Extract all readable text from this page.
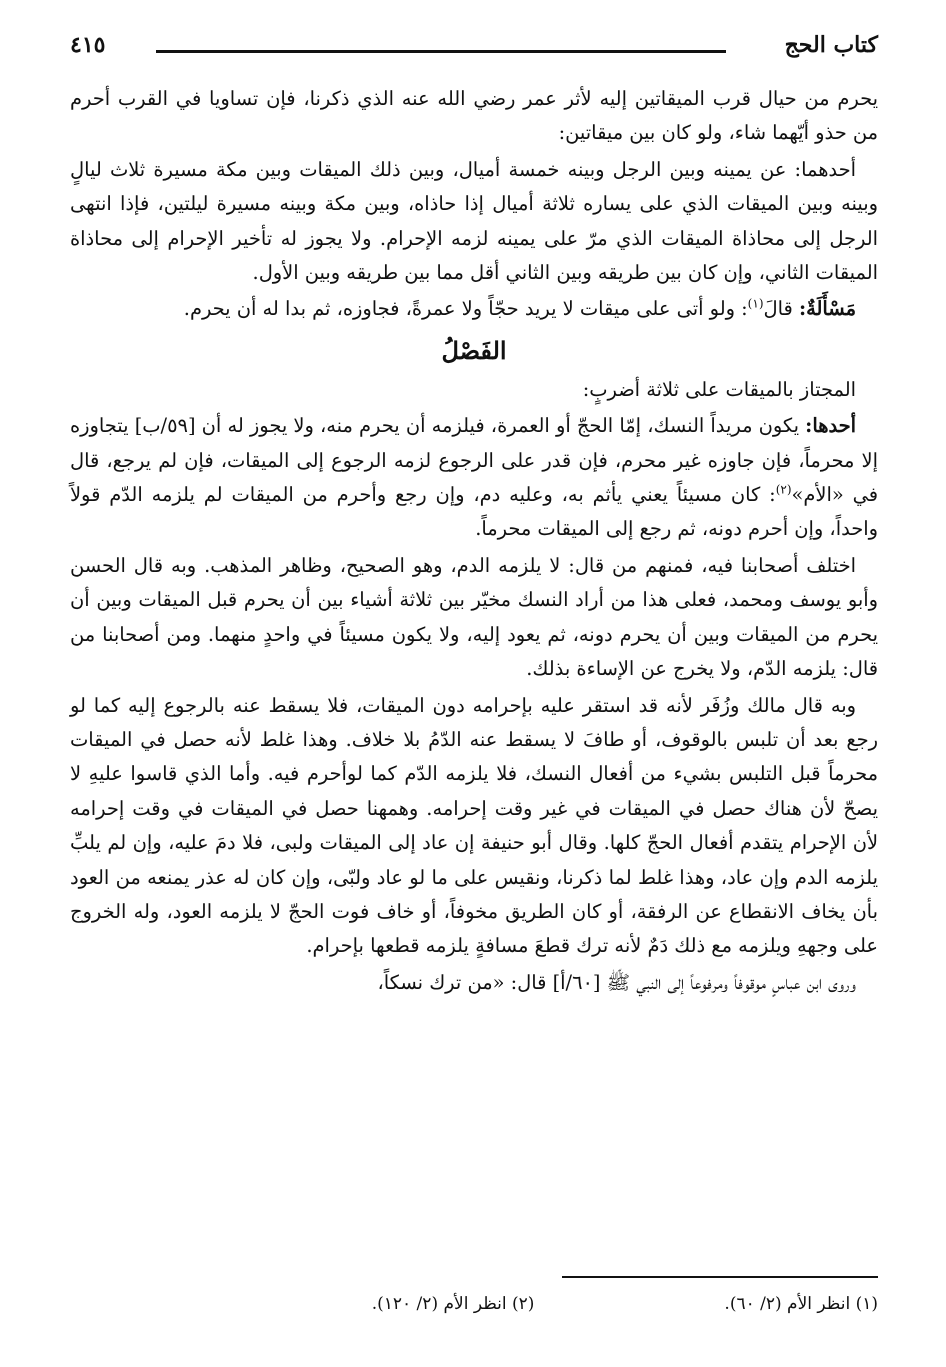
كتاب الحج
٤١٥

يحرم من حيال قرب الميقاتين إليه لأثر عمر رضي الله عنه الذي ذكرنا، فإن تساويا في القرب أحرم من حذو أيّهما شاء، ولو كان بين ميقاتين:

أحدهما: عن يمينه وبين الرجل وبينه خمسة أميال، وبين ذلك الميقات وبين مكة مسيرة ثلاث ليالٍ وبينه وبين الميقات الذي على يساره ثلاثة أميال إذا حاذاه، وبين مكة وبينه مسيرة ليلتين، فإذا انتهى الرجل إلى محاذاة الميقات الذي مرّ على يمينه لزمه الإحرام. ولا يجوز له تأخير الإحرام إلى محاذاة الميقات الثاني، وإن كان بين طريقه وبين الثاني أقل مما بين طريقه وبين الأول.

مَسْأَلَةٌ: قالَ$^{(١)}$: ولو أتى على ميقات لا يريد حجّاً ولا عمرةً، فجاوزه، ثم بدا له أن يحرم.

الفَصْلُ

المجتاز بالميقات على ثلاثة أضربٍ:

أحدها: يكون مريداً النسك، إمّا الحجّ أو العمرة، فيلزمه أن يحرم منه، ولا يجوز له أن [٥٩/ب] يتجاوزه إلا محرماً، فإن جاوزه غير محرم، فإن قدر على الرجوع لزمه الرجوع إلى الميقات، فإن لم يرجع، قال في «الأم»$^{(٢)}$: كان مسيئاً يعني يأثم به، وعليه دم، وإن رجع وأحرم من الميقات لم يلزمه الدّم قولاً واحداً، وإن أحرم دونه، ثم رجع إلى الميقات محرماً.

اختلف أصحابنا فيه، فمنهم من قال: لا يلزمه الدم، وهو الصحيح، وظاهر المذهب. وبه قال الحسن وأبو يوسف ومحمد، فعلى هذا من أراد النسك مخيّر بين ثلاثة أشياء بين أن يحرم قبل الميقات وبين أن يحرم من الميقات وبين أن يحرم دونه، ثم يعود إليه، ولا يكون مسيئاً في واحدٍ منهما. ومن أصحابنا من قال: يلزمه الدّم، ولا يخرج عن الإساءة بذلك.

وبه قال مالك وزُفَر لأنه قد استقر عليه بإحرامه دون الميقات، فلا يسقط عنه بالرجوع إليه كما لو رجع بعد أن تلبس بالوقوف، أو طافَ لا يسقط عنه الدّمُ بلا خلاف. وهذا غلط لأنه حصل في الميقات محرماً قبل التلبس بشيء من أفعال النسك، فلا يلزمه الدّم كما لوأحرم فيه. وأما الذي قاسوا عليهِ لا يصحّ لأن هناك حصل في الميقات في غير وقت إحرامه. وهمهنا حصل في الميقات في وقت إحرامه لأن الإحرام يتقدم أفعال الحجّ كلها. وقال أبو حنيفة إن عاد إلى الميقات ولبى، فلا دمَ عليه، وإن لم يلبِّ يلزمه الدم وإن عاد، وهذا غلط لما ذكرنا، ونقيس على ما لو عاد ولبّى، وإن كان له عذر يمنعه من العود بأن يخاف الانقطاع عن الرفقة، أو كان الطريق مخوفاً، أو خاف فوت الحجّ لا يلزمه العود، وله الخروج على وجههِ ويلزمه مع ذلك دَمٌ لأنه ترك قطعَ مسافةٍ يلزمه قطعها بإحرام.

وروى ابن عباسٍ موقوفاً ومرفوعاً إلى النبي ﷺ [٦٠/أ] قال: «من ترك نسكاً،

(١) انظر الأم (٢/ ٦٠).
(٢) انظر الأم (٢/ ١٢٠).
